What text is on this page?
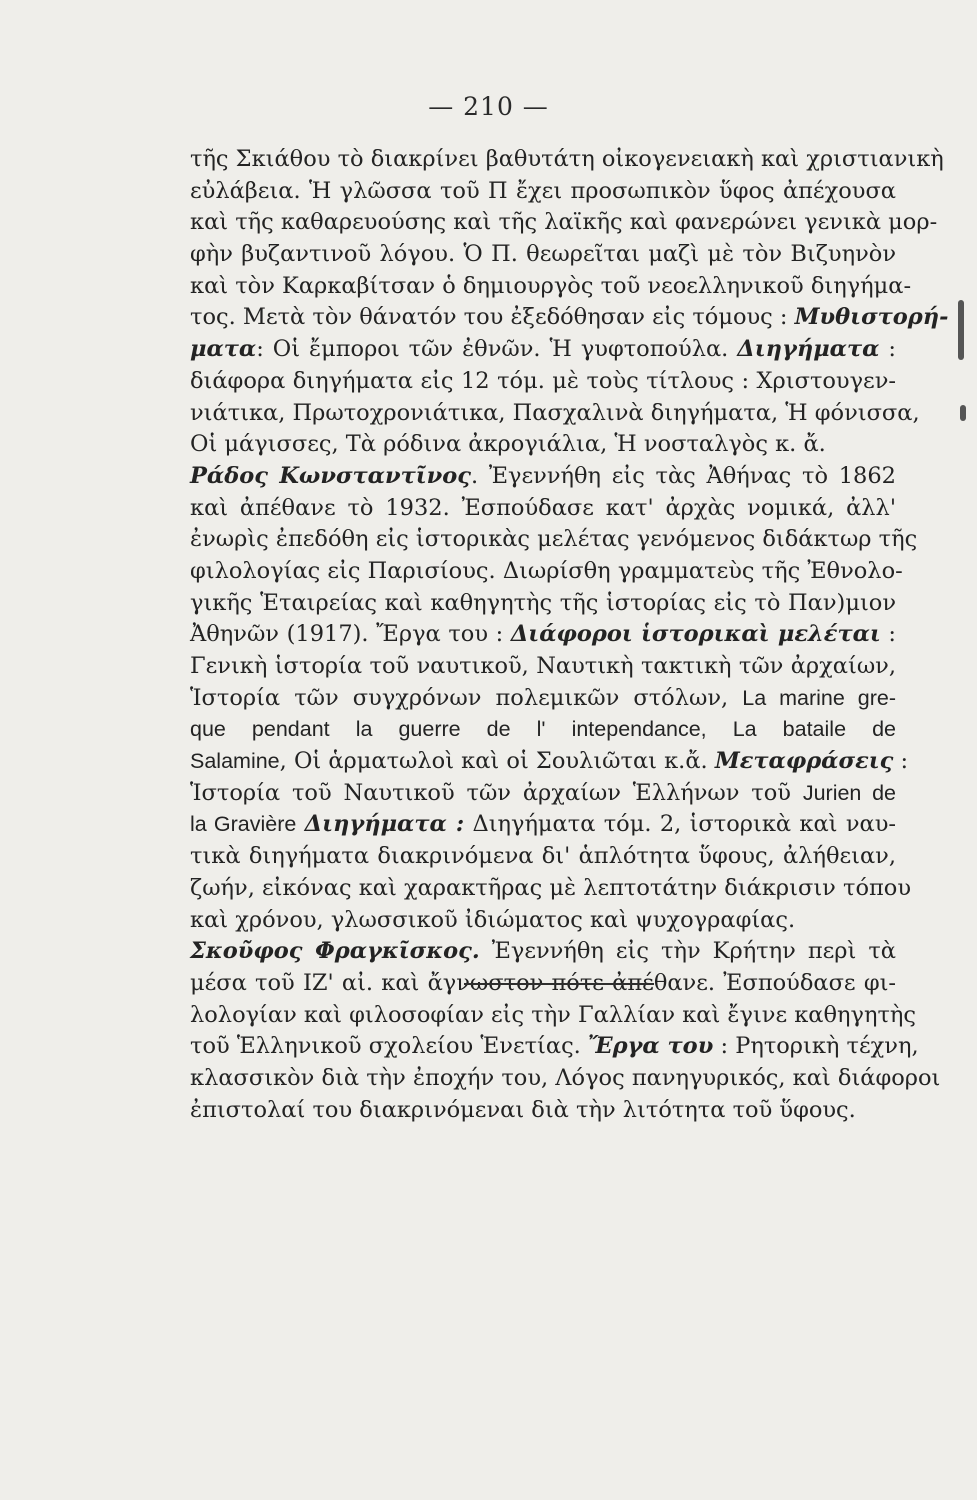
— 210 —
τῆς Σκιάθου τὸ διακρίνει βαθυτάτη οἰκογενειακὴ καὶ χριστιανικὴ
εὐλάβεια. Ἡ γλῶσσα τοῦ Π ἔχει προσωπικὸν ὕφος ἀπέχουσα
καὶ τῆς καθαρευούσης καὶ τῆς λαϊκῆς καὶ φανερώνει γενικὰ μορ-
φὴν βυζαντινοῦ λόγου. Ὁ Π. θεωρεῖται μαζὶ μὲ τὸν Βιζυηνὸν
καὶ τὸν Καρκαβίτσαν ὁ δημιουργὸς τοῦ νεοελληνικοῦ διηγήμα-
τος. Μετὰ τὸν θάνατόν του ἐξεδόθησαν εἰς τόμους : Μυθιστορή-
ματα: Οἱ ἔμποροι τῶν ἐθνῶν. Ἡ γυφτοπούλα. Διηγήματα :
διάφορα διηγήματα εἰς 12 τόμ. μὲ τοὺς τίτλους : Χριστουγεν-
νιάτικα, Πρωτοχρονιάτικα, Πασχαλινὰ διηγήματα, Ἡ φόνισσα,
Οἱ μάγισσες, Τὰ ρόδινα ἀκρογιάλια, Ἡ νοσταλγὸς κ. ἄ.
Ράδος Κωνσταντῖνος. Ἐγεννήθη εἰς τὰς Ἀθήνας τὸ 1862
καὶ ἀπέθανε τὸ 1932. Ἐσπούδασε κατ' ἀρχὰς νομικά, ἀλλ'
ἐνωρὶς ἐπεδόθη εἰς ἱστορικὰς μελέτας γενόμενος διδάκτωρ τῆς
φιλολογίας εἰς Παρισίους. Διωρίσθη γραμματεὺς τῆς Ἐθνολο-
γικῆς Ἑταιρείας καὶ καθηγητὴς τῆς ἱστορίας εἰς τὸ Παν)μιον
Ἀθηνῶν (1917). Ἔργα του : Διάφοροι ἱστορικαὶ μελέται :
Γενικὴ ἱστορία τοῦ ναυτικοῦ, Ναυτικὴ τακτικὴ τῶν ἀρχαίων,
Ἱστορία τῶν συγχρόνων πολεμικῶν στόλων, La marine gre-
que pendant la guerre de l' intependance, La bataile de
Salamine, Οἱ ἁρματωλοὶ καὶ οἱ Σουλιῶται κ.ἄ. Μεταφράσεις :
Ἱστορία τοῦ Ναυτικοῦ τῶν ἀρχαίων Ἑλλήνων τοῦ Jurien de
la Gravière Διηγήματα : Διηγήματα τόμ. 2, ἱστορικὰ καὶ ναυ-
τικὰ διηγήματα διακρινόμενα δι' ἁπλότητα ὕφους, ἀλήθειαν,
ζωήν, εἰκόνας καὶ χαρακτῆρας μὲ λεπτοτάτην διάκρισιν τόπου
καὶ χρόνου, γλωσσικοῦ ἰδιώματος καὶ ψυχογραφίας.
Σκοῦφος Φραγκῖσκος. Ἐγεννήθη εἰς τὴν Κρήτην περὶ τὰ
μέσα τοῦ ΙΖ' αἰ. καὶ ἄγνωστον πότε ἀπέθανε. Ἐσπούδασε φι-
λολογίαν καὶ φιλοσοφίαν εἰς τὴν Γαλλίαν καὶ ἔγινε καθηγητὴς
τοῦ Ἑλληνικοῦ σχολείου Ἑνετίας. Ἔργα του : Ρητορικὴ τέχνη,
κλασσικὸν διὰ τὴν ἐποχήν του, Λόγος πανηγυρικός, καὶ διάφοροι
ἐπιστολαί του διακρινόμεναι διὰ τὴν λιτότητα τοῦ ὕφους.
